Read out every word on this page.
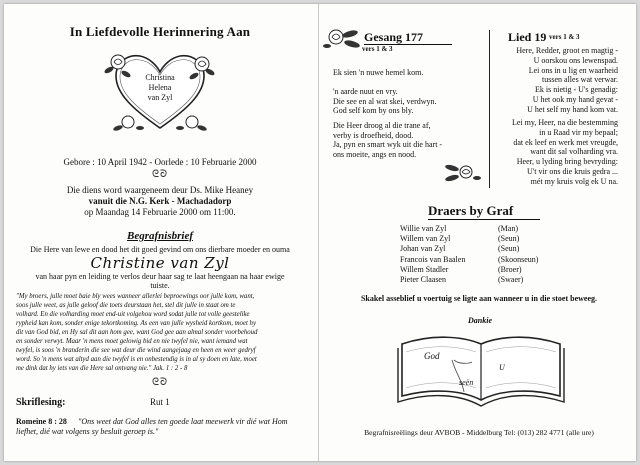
In Liefdevolle Herinnering Aan
Christina
Helena
van Zyl
Gebore : 10 April 1942 - Oorlede : 10 Februarie 2000
ᘓᘐ
Die diens word waargeneem deur Ds. Mike Heaney
vanuit die N.G. Kerk - Machadadorp
op Maandag 14 Februarie 2000 om 11:00.
Begrafnisbrief
Die Here van lewe en dood het dit goed gevind om ons dierbare moeder en ouma
Christine van Zyl
van haar pyn en leiding te verlos deur haar sag te laat heengaan na haar ewige
tuiste.
"My broers, julle moet baie bly wees wanneer allerlei beproewings oor julle kom, want,
soos julle weet, as julle geloof die toets deurstaan het, stel dit julle in staat om te
volhard. En die volharding moet end-uit volgehou word sodat julle tot volle geestelike
rypheid kan kom, sonder enige tekortkoming. As een van julle wysheid kortkom, moet hy
dit van God bid, en Hy sal dit aan hom gee, want God gee aan almal sonder voorbehoud
en sonder verwyt. Maar 'n mens moet gelowig bid en nie twyfel nie, want iemand wat
twyfel, is soos 'n branderin die see wat deur die wind aangejaag en heen en weer gedryf
word. So 'n mens wat altyd aan die twyfel is en onbestendig is in al sy doen en late, moet
me dink dat hy iets van die Here sal ontvang nie." Jak. 1 : 2 - 8
ᘓᘐ
Skriflesing:	Rut 1
Romeine 8 : 28 "Ons weet dat God alles ten goede laat meewerk vir dié wat Hom
liefhet, dié wat volgens sy besluit geroep is."
Gesang 177
vers 1 & 3
Ek sien 'n nuwe hemel kom.

'n aarde nuut en vry.
Die see en al wat skei, verdwyn.
God self kom by ons bly.
Die Heer droog al die trane af,
verby is droefheid, dood.
Ja, pyn en smart wyk uit die hart -
ons moeite, angs en nood.
Lied 19 vers 1 & 3
Here, Redder, groot en magtig -
U oorskou ons lewenspad.
Lei ons in u lig en waarheid
tussen alles wat verwar.
Ek is nietig - U's genadig:
U het ook my hand gevat -
U het self my hand kom vat.
Lei my, Heer, na die bestemming
in u Raad vir my bepaal;
dat ek leef en werk met vreugde,
want dit sal volharding vra.
Heer, u lyding bring bevryding:
U't vir ons die kruis gedra ...
mét my kruis volg ek U na.
Draers by Graf
Willie van Zyl	(Man)
Willem van Zyl	(Seun)
Johan van Zyl	(Seun)
Francois van Baalen	(Skoonseun)
Willem Stadler	(Broer)
Pieter Claasen	(Swaer)
Skakel asseblief u voertuig se ligte aan wanneer u in die stoet beweeg.
Dankie
God
U
seën
Begrafnisreëlings deur AVBOB - Middelburg Tel: (013) 282 4771 (alle ure)
